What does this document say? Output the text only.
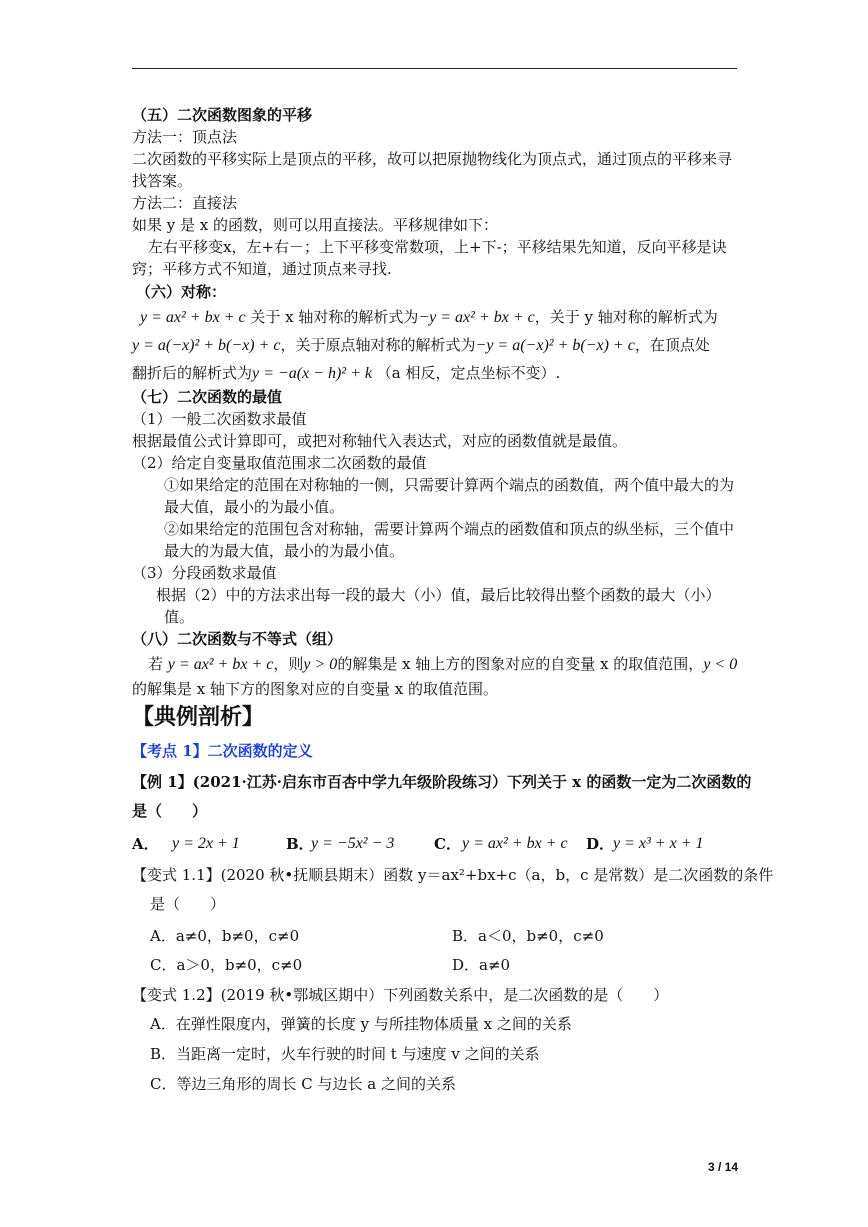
（五）二次函数图象的平移
方法一：顶点法
二次函数的平移实际上是顶点的平移，故可以把原抛物线化为顶点式，通过顶点的平移来寻
找答案。
方法二：直接法
如果 y 是 x 的函数，则可以用直接法。平移规律如下：
左右平移变x，左+右－；上下平移变常数项，上+下-；平移结果先知道，反向平移是诀
窍；平移方式不知道，通过顶点来寻找.
（六）对称：
y = ax² + bx + c 关于 x 轴对称的解析式为−y = ax² + bx + c，关于 y 轴对称的解析式为
y = a(−x)² + b(−x) + c，关于原点轴对称的解析式为−y = a(−x)² + b(−x) + c，在顶点处
翻折后的解析式为y = −a(x − h)² + k （a 相反，定点坐标不变）.
（七）二次函数的最值
（1）一般二次函数求最值
根据最值公式计算即可，或把对称轴代入表达式，对应的函数值就是最值。
（2）给定自变量取值范围求二次函数的最值
①如果给定的范围在对称轴的一侧，只需要计算两个端点的函数值，两个值中最大的为
最大值，最小的为最小值。
②如果给定的范围包含对称轴，需要计算两个端点的函数值和顶点的纵坐标，三个值中
最大的为最大值，最小的为最小值。
（3）分段函数求最值
根据（2）中的方法求出每一段的最大（小）值，最后比较得出整个函数的最大（小）
值。
（八）二次函数与不等式（组）
若 y = ax² + bx + c，则y > 0的解集是 x 轴上方的图象对应的自变量 x 的取值范围，y < 0
的解集是 x 轴下方的图象对应的自变量 x 的取值范围。
【典例剖析】
【考点 1】二次函数的定义
【例 1】(2021·江苏·启东市百杏中学九年级阶段练习）下列关于 x 的函数一定为二次函数的
是（　　）
A． y = 2x + 1	B．
y = −5x² − 3	C． y = ax² + bx + c D．
y = x³ + x + 1
【变式 1.1】(2020 秋•抚顺县期末）函数 y＝ax²+bx+c（a，b，c 是常数）是二次函数的条件
是（　　）
A．a≠0，b≠0，c≠0	B．a＜0，b≠0，c≠0
C．a＞0，b≠0，c≠0	D．a≠0
【变式 1.2】(2019 秋•鄂城区期中）下列函数关系中，是二次函数的是（　　）
A．在弹性限度内，弹簧的长度 y 与所挂物体质量 x 之间的关系
B．当距离一定时，火车行驶的时间 t 与速度 v 之间的关系
C．等边三角形的周长 C 与边长 a 之间的关系
3 / 14
